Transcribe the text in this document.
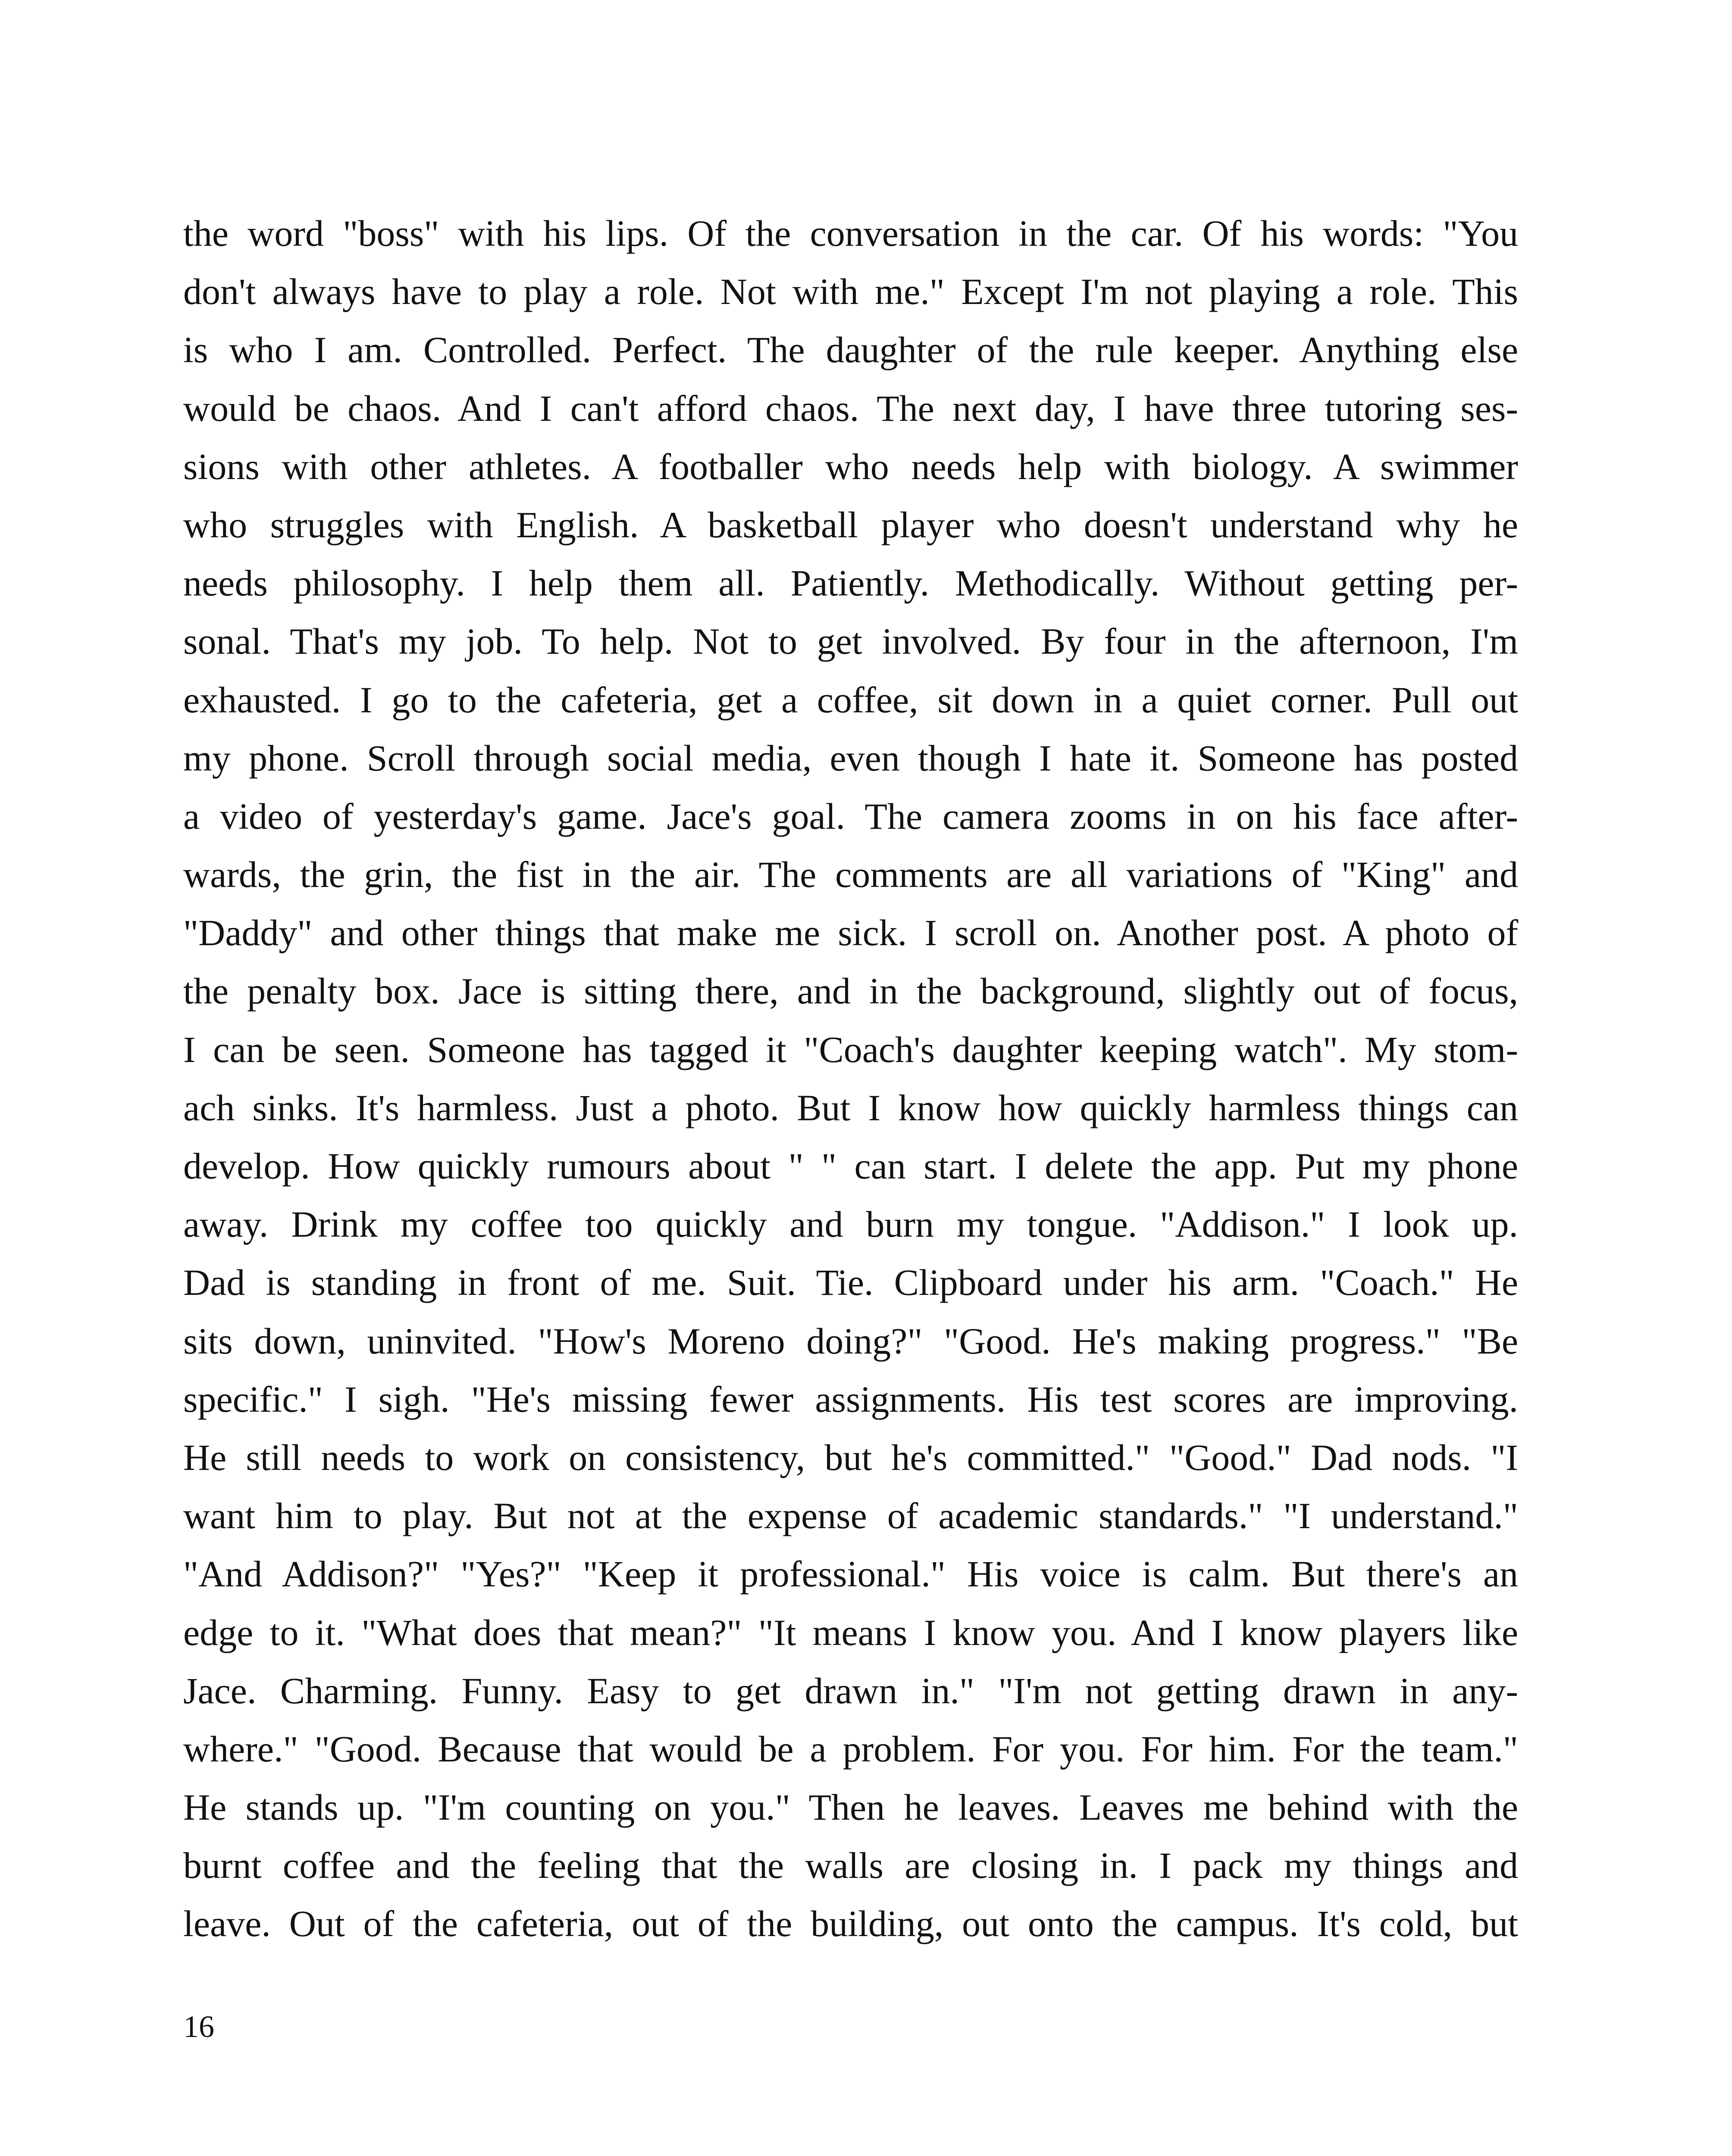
the word "boss" with his lips. Of the conversation in the car. Of his words: "You
don't always have to play a role. Not with me." Except I'm not playing a role. This
is who I am. Controlled. Perfect. The daughter of the rule keeper. Anything else
would be chaos. And I can't afford chaos. The next day, I have three tutoring ses-
sions with other athletes. A footballer who needs help with biology. A swimmer
who struggles with English. A basketball player who doesn't understand why he
needs philosophy. I help them all. Patiently. Methodically. Without getting per-
sonal. That's my job. To help. Not to get involved. By four in the afternoon, I'm
exhausted. I go to the cafeteria, get a coffee, sit down in a quiet corner. Pull out
my phone. Scroll through social media, even though I hate it. Someone has posted
a video of yesterday's game. Jace's goal. The camera zooms in on his face after-
wards, the grin, the fist in the air. The comments are all variations of "King" and
"Daddy" and other things that make me sick. I scroll on. Another post. A photo of
the penalty box. Jace is sitting there, and in the background, slightly out of focus,
I can be seen. Someone has tagged it "Coach's daughter keeping watch". My stom-
ach sinks. It's harmless. Just a photo. But I know how quickly harmless things can
develop. How quickly rumours about " " can start. I delete the app. Put my phone
away. Drink my coffee too quickly and burn my tongue. "Addison." I look up.
Dad is standing in front of me. Suit. Tie. Clipboard under his arm. "Coach." He
sits down, uninvited. "How's Moreno doing?" "Good. He's making progress." "Be
specific." I sigh. "He's missing fewer assignments. His test scores are improving.
He still needs to work on consistency, but he's committed." "Good." Dad nods. "I
want him to play. But not at the expense of academic standards." "I understand."
"And Addison?" "Yes?" "Keep it professional." His voice is calm. But there's an
edge to it. "What does that mean?" "It means I know you. And I know players like
Jace. Charming. Funny. Easy to get drawn in." "I'm not getting drawn in any-
where." "Good. Because that would be a problem. For you. For him. For the team."
He stands up. "I'm counting on you." Then he leaves. Leaves me behind with the
burnt coffee and the feeling that the walls are closing in. I pack my things and
leave. Out of the cafeteria, out of the building, out onto the campus. It's cold, but

16
